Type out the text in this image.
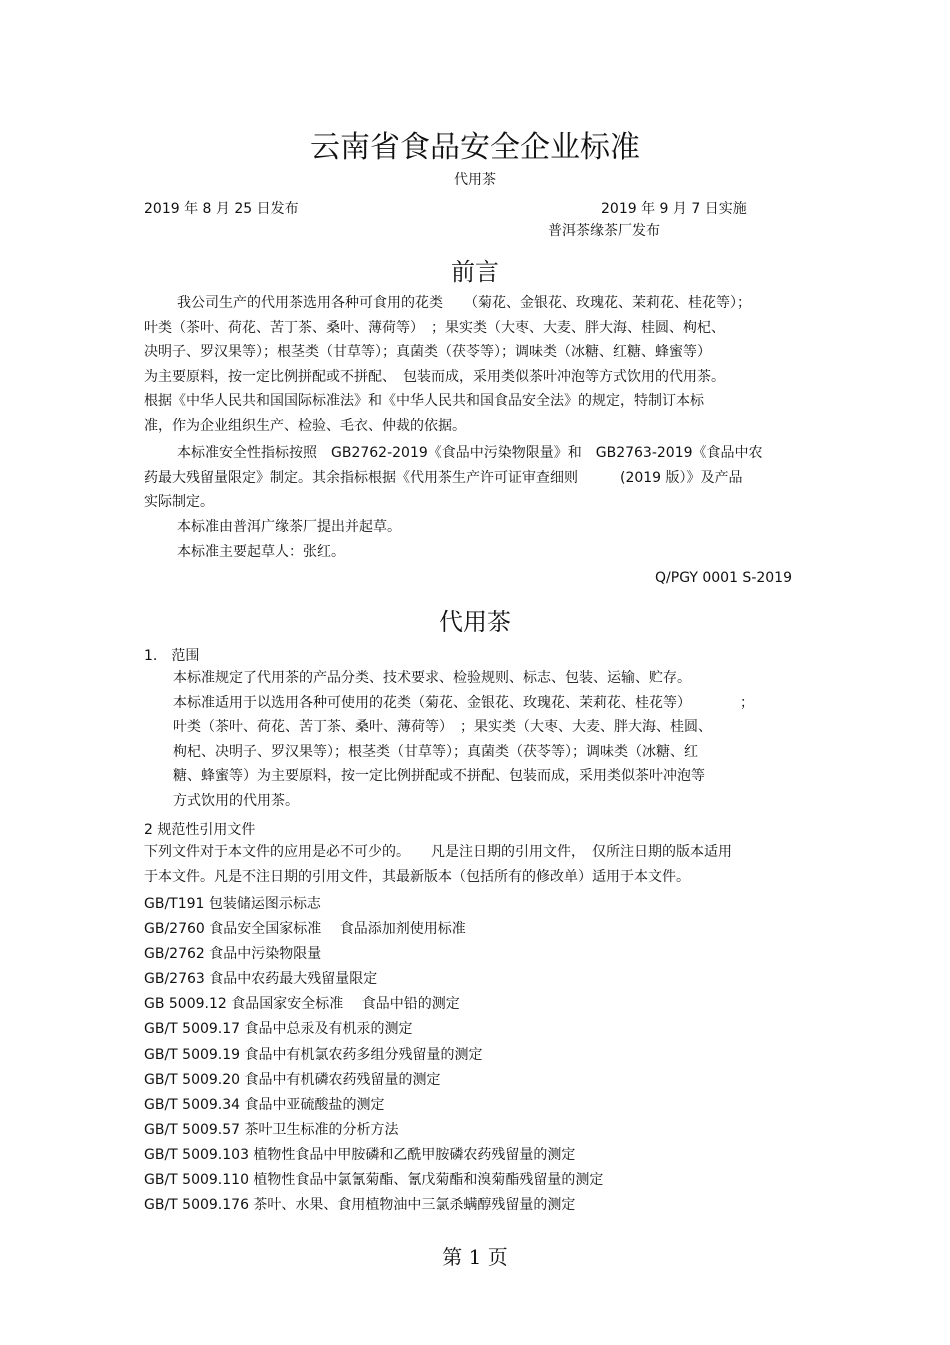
云南省食品安全企业标准
代用茶
2019 年 8 月 25 日发布	2019 年 9 月 7 日实施
普洱茶缘茶厂发布
前言

我公司生产的代用茶选用各种可食用的花类　　（菊花、金银花、玫瑰花、茉莉花、桂花等）；

叶类（茶叶、荷花、苦丁茶、桑叶、薄荷等）　；果实类（大枣、大麦、胖大海、桂圆、枸杞、

决明子、罗汉果等）；根茎类（甘草等）；真菌类（茯苓等）；调味类（冰糖、红糖、蜂蜜等）

为主要原料，按一定比例拼配或不拼配、　包装而成，采用类似茶叶冲泡等方式饮用的代用茶。

根据《中华人民共和国国际标准法》和《中华人民共和国食品安全法》的规定，特制订本标

准，作为企业组织生产、检验、毛衣、仲裁的依据。

本标准安全性指标按照　GB2762-2019《食品中污染物限量》和　GB2763-2019《食品中农

药最大残留量限定》制定。其余指标根据《代用茶生产许可证审查细则　　　(2019 版）》及产品

实际制定。

本标准由普洱广缘茶厂提出并起草。

本标准主要起草人：张红。

Q/PGY 0001 S-2019
代用茶
1.　范围

本标准规定了代用茶的产品分类、技术要求、检验规则、标志、包装、运输、贮存。

本标准适用于以选用各种可使用的花类（菊花、金银花、玫瑰花、茉莉花、桂花等）　　　　；

叶类（茶叶、荷花、苦丁茶、桑叶、薄荷等）　；果实类（大枣、大麦、胖大海、桂圆、

枸杞、决明子、罗汉果等）；根茎类（甘草等）；真菌类（茯苓等）；调味类（冰糖、红

糖、蜂蜜等）为主要原料，按一定比例拼配或不拼配、包装而成，采用类似茶叶冲泡等

方式饮用的代用茶。

2 规范性引用文件

下列文件对于本文件的应用是必不可少的。　　凡是注日期的引用文件，　仅所注日期的版本适用

于本文件。凡是不注日期的引用文件，其最新版本（包括所有的修改单）适用于本文件。

GB/T191 包装储运图示标志

GB/2760 食品安全国家标准　 食品添加剂使用标准

GB/2762 食品中污染物限量

GB/2763 食品中农药最大残留量限定

GB 5009.12 食品国家安全标准　 食品中铅的测定

GB/T 5009.17 食品中总汞及有机汞的测定

GB/T 5009.19 食品中有机氯农药多组分残留量的测定

GB/T 5009.20 食品中有机磷农药残留量的测定

GB/T 5009.34 食品中亚硫酸盐的测定

GB/T 5009.57 茶叶卫生标准的分析方法

GB/T 5009.103 植物性食品中甲胺磷和乙酰甲胺磷农药残留量的测定

GB/T 5009.110 植物性食品中氯氰菊酯、氰戊菊酯和溴菊酯残留量的测定

GB/T 5009.176 茶叶、水果、食用植物油中三氯杀螨醇残留量的测定

第 1 页
